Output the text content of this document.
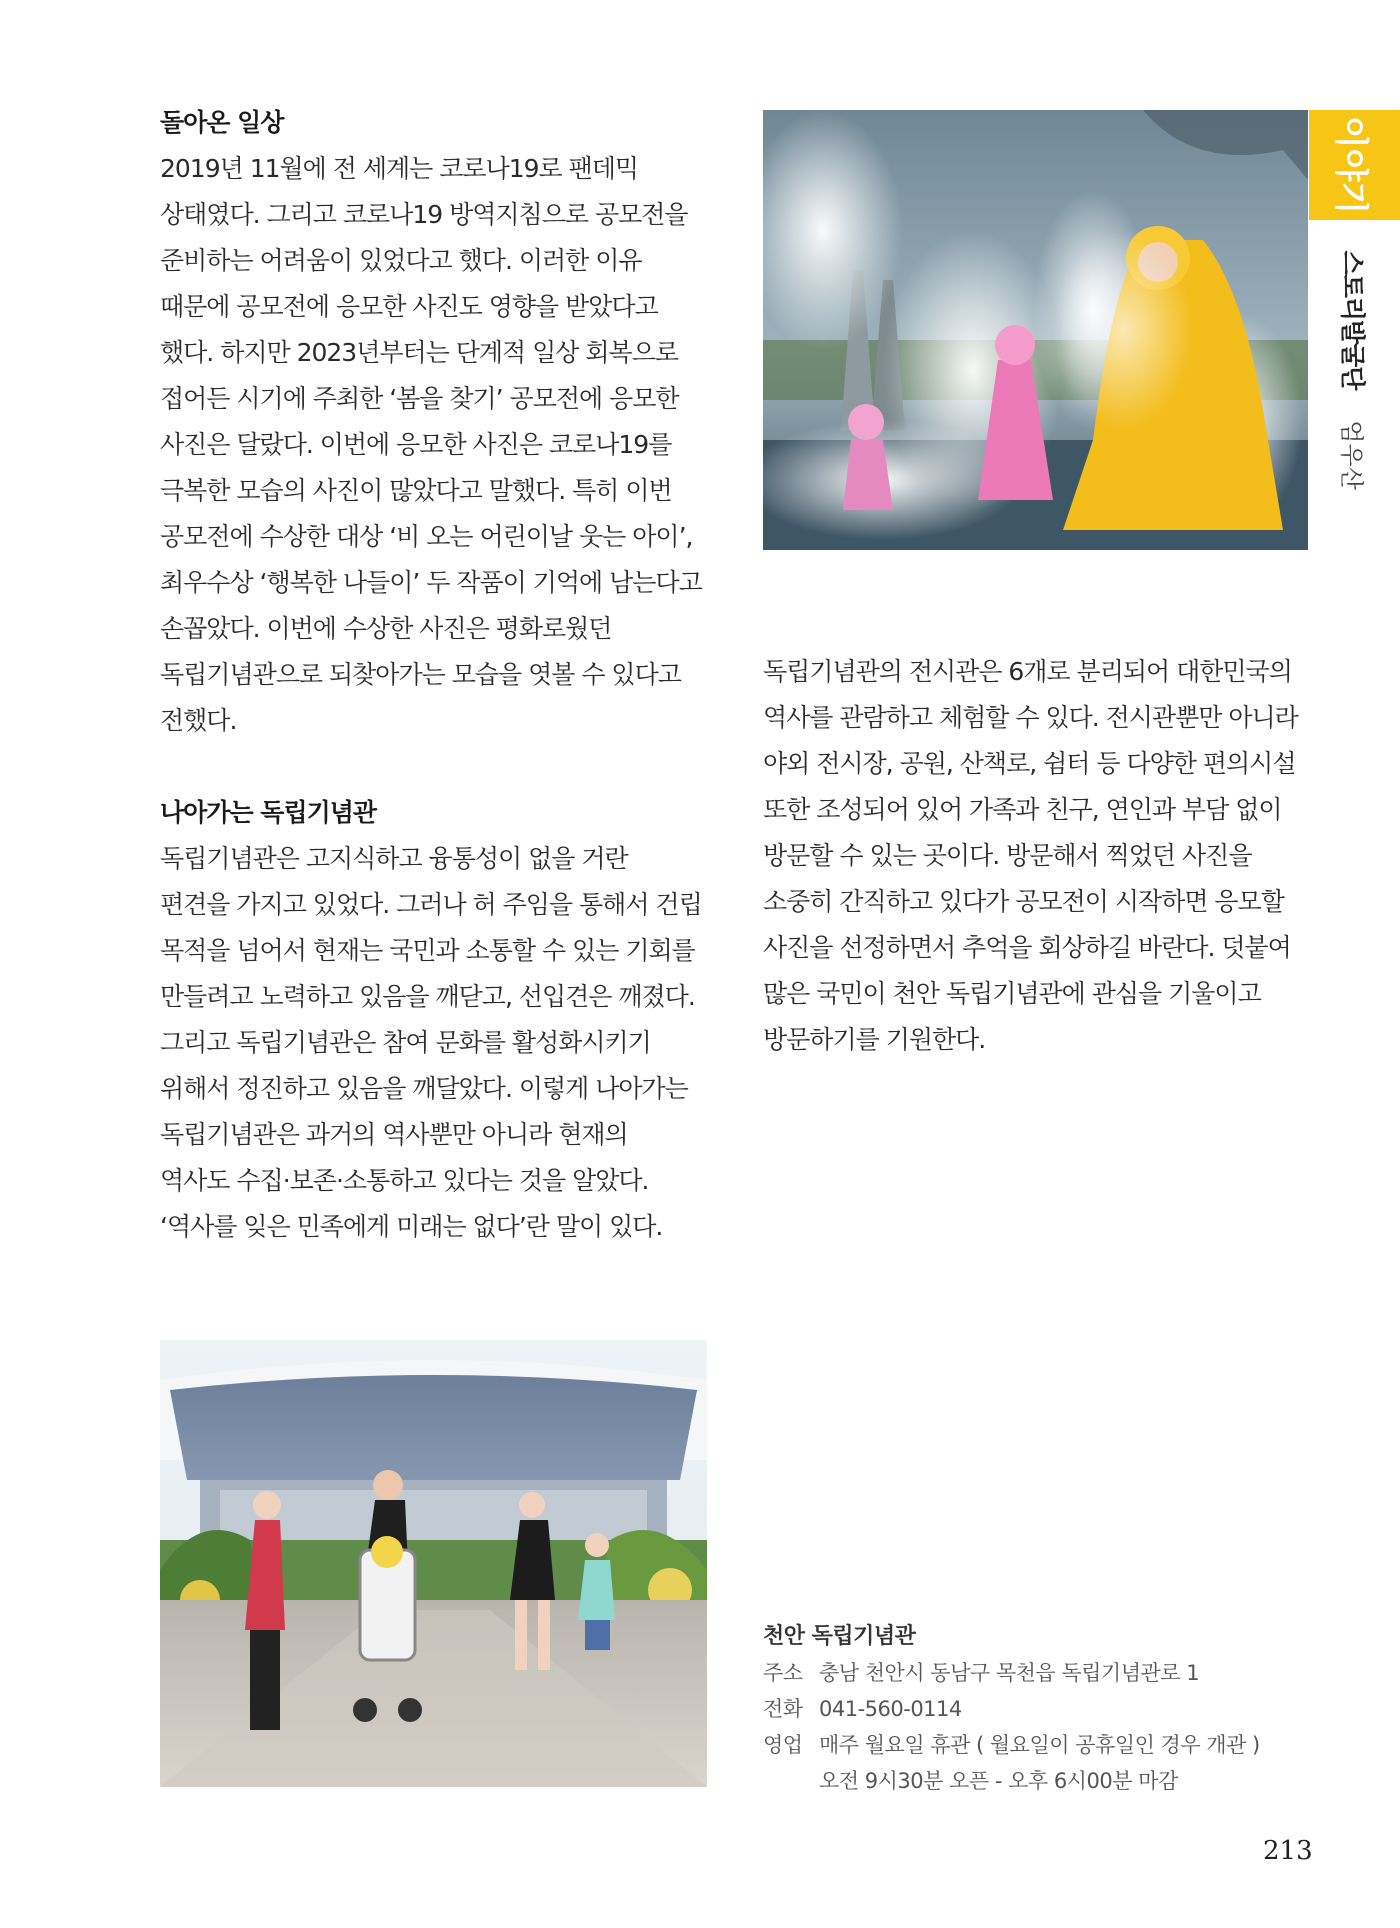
이야기
스토리발굴단
엄우산

돌아온 일상

2019년 11월에 전 세계는 코로나19로 팬데믹

상태였다. 그리고 코로나19 방역지침으로 공모전을

준비하는 어려움이 있었다고 했다. 이러한 이유

때문에 공모전에 응모한 사진도 영향을 받았다고

했다. 하지만 2023년부터는 단계적 일상 회복으로

접어든 시기에 주최한 ‘봄을 찾기’ 공모전에 응모한

사진은 달랐다. 이번에 응모한 사진은 코로나19를

극복한 모습의 사진이 많았다고 말했다. 특히 이번

공모전에 수상한 대상 ‘비 오는 어린이날 웃는 아이’,

최우수상 ‘행복한 나들이’ 두 작품이 기억에 남는다고

손꼽았다. 이번에 수상한 사진은 평화로웠던

독립기념관으로 되찾아가는 모습을 엿볼 수 있다고

전했다.

나아가는 독립기념관

독립기념관은 고지식하고 융통성이 없을 거란

편견을 가지고 있었다. 그러나 허 주임을 통해서 건립

목적을 넘어서 현재는 국민과 소통할 수 있는 기회를

만들려고 노력하고 있음을 깨닫고, 선입견은 깨졌다.

그리고 독립기념관은 참여 문화를 활성화시키기

위해서 정진하고 있음을 깨달았다. 이렇게 나아가는

독립기념관은 과거의 역사뿐만 아니라 현재의

역사도 수집·보존·소통하고 있다는 것을 알았다.

‘역사를 잊은 민족에게 미래는 없다’란 말이 있다.

독립기념관의 전시관은 6개로 분리되어 대한민국의

역사를 관람하고 체험할 수 있다. 전시관뿐만 아니라

야외 전시장, 공원, 산책로, 쉼터 등 다양한 편의시설

또한 조성되어 있어 가족과 친구, 연인과 부담 없이

방문할 수 있는 곳이다. 방문해서 찍었던 사진을

소중히 간직하고 있다가 공모전이 시작하면 응모할

사진을 선정하면서 추억을 회상하길 바란다. 덧붙여

많은 국민이 천안 독립기념관에 관심을 기울이고

방문하기를 기원한다.

천안 독립기념관
주소 충남 천안시 동남구 목천읍 독립기념관로 1
전화 041-560-0114
영업 매주 월요일 휴관 ( 월요일이 공휴일인 경우 개관 )
오전 9시30분 오픈 - 오후 6시00분 마감
213
